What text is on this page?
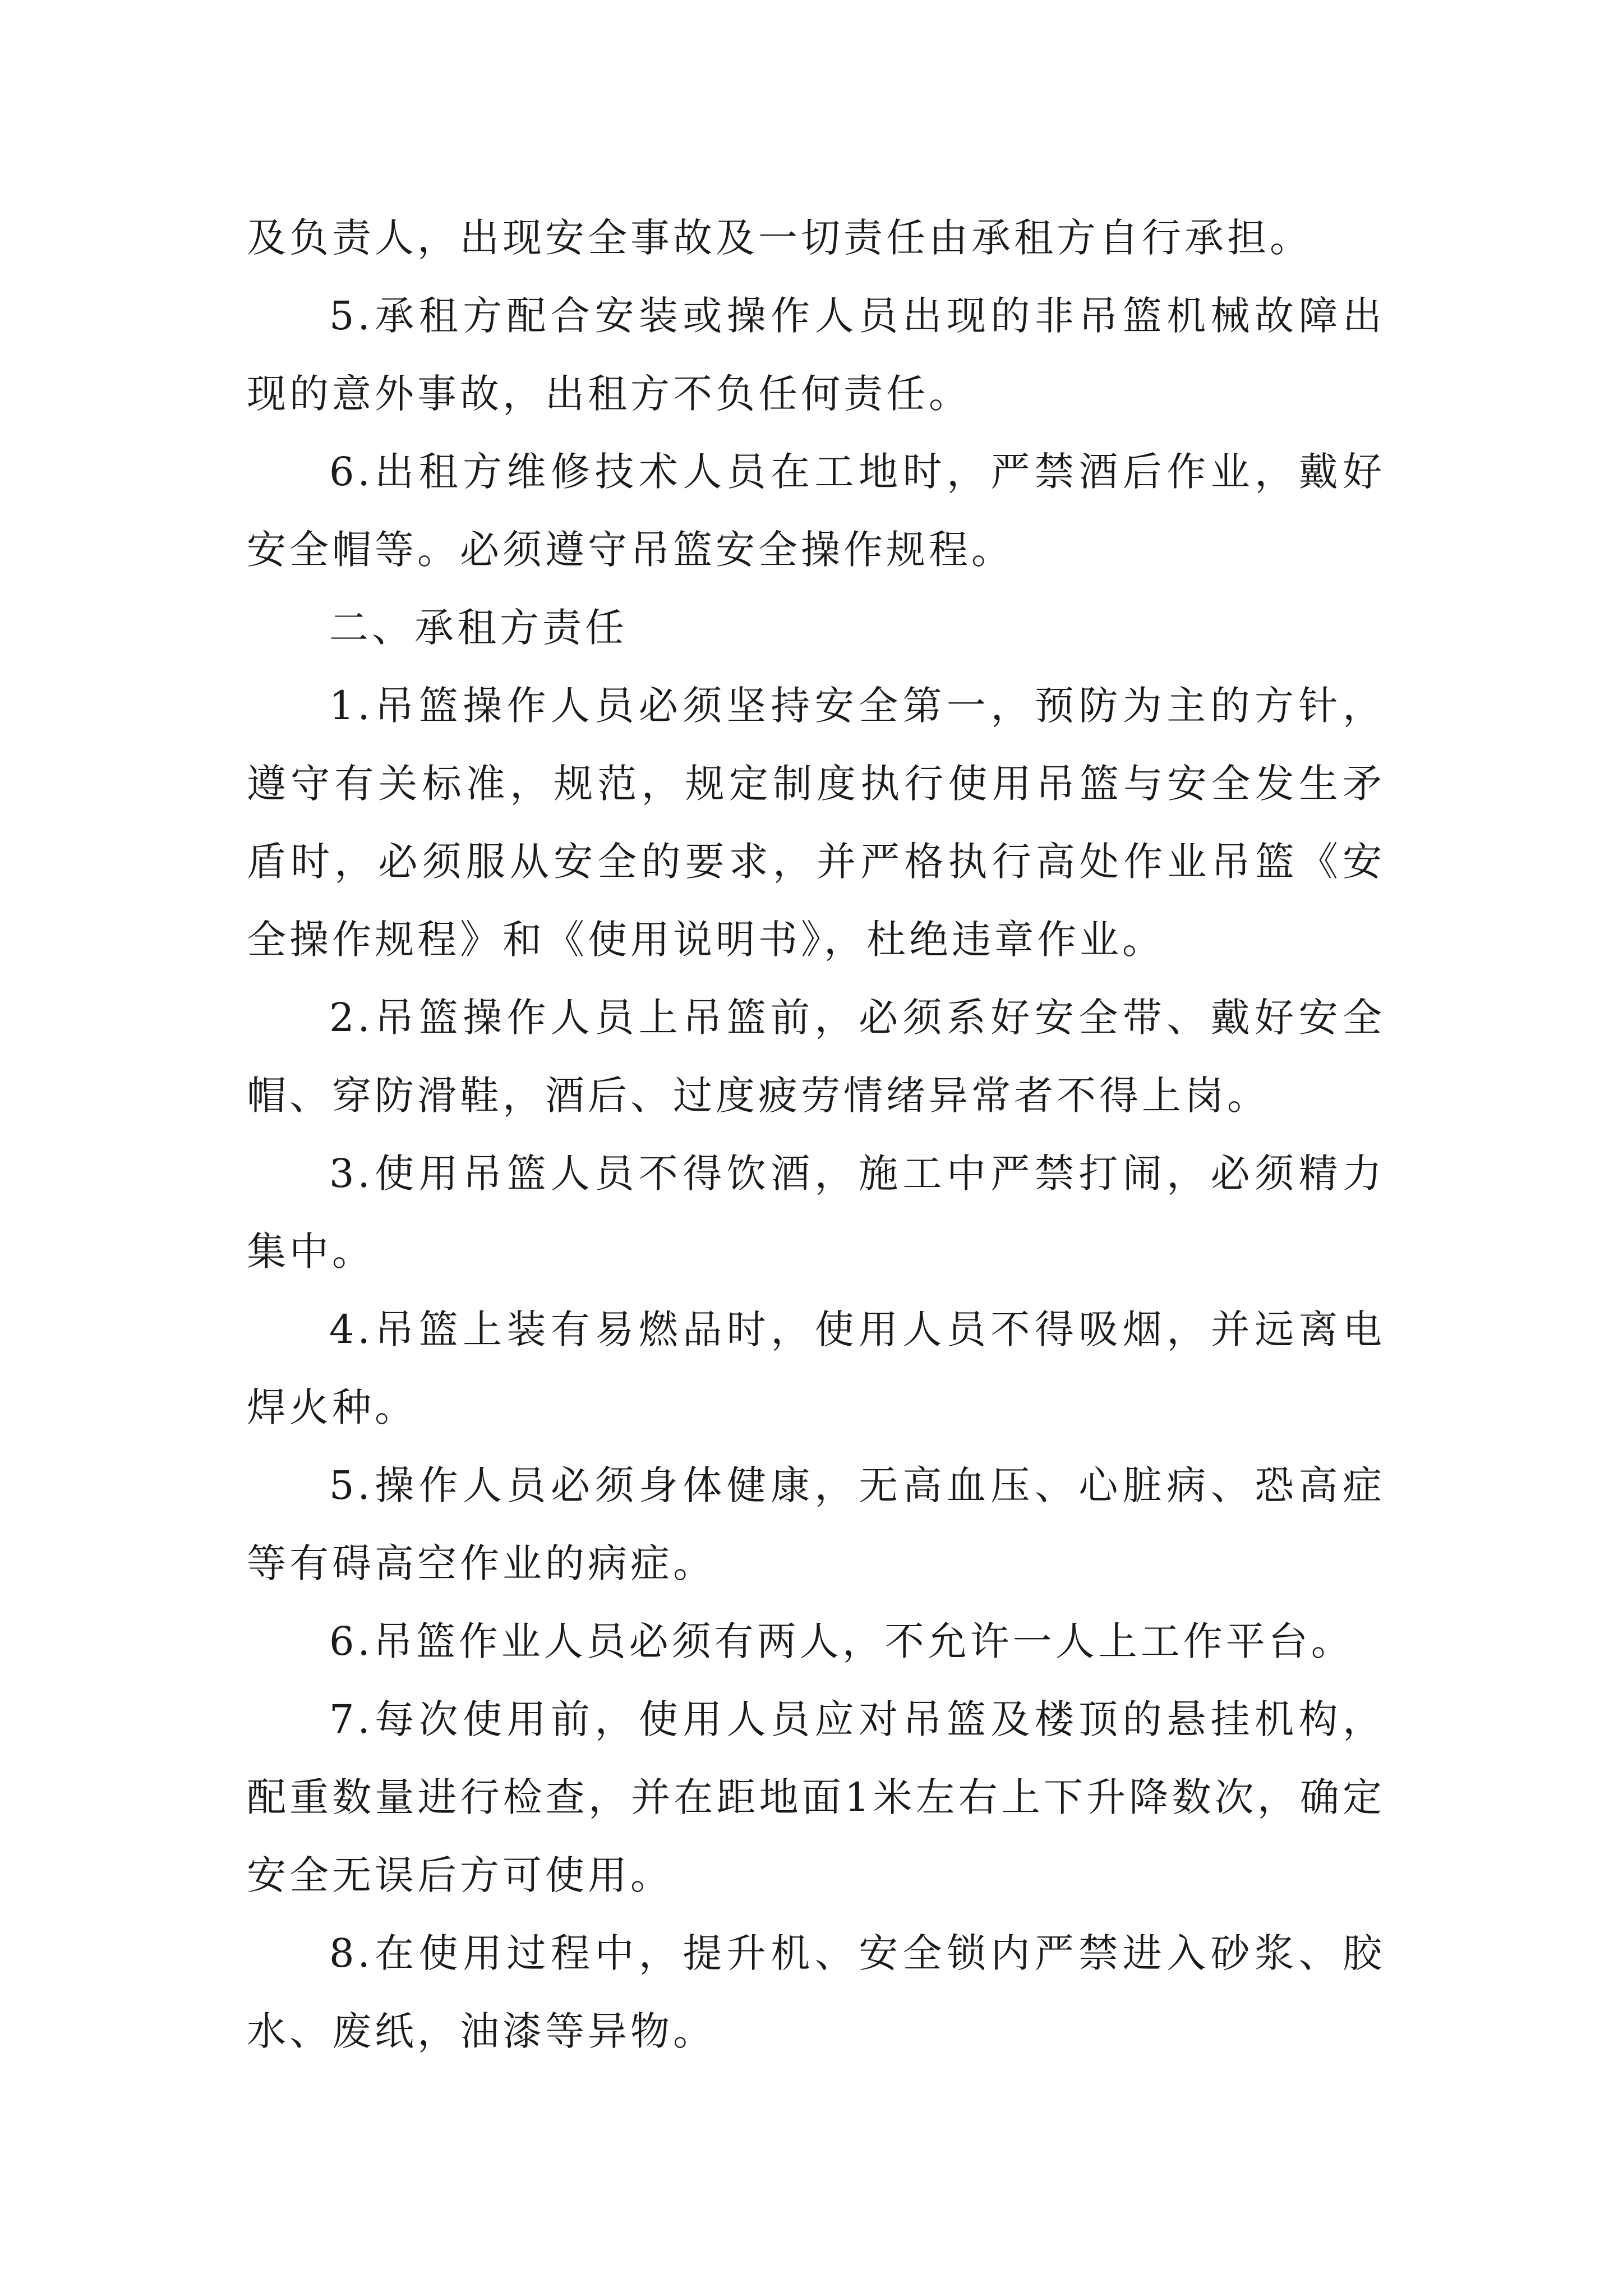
及负责人，出现安全事故及一切责任由承租方自行承担。

5.承租方配合安装或操作人员出现的非吊篮机械故障出现的意外事故，出租方不负任何责任。

6.出租方维修技术人员在工地时，严禁酒后作业，戴好安全帽等。必须遵守吊篮安全操作规程。

二、承租方责任

1.吊篮操作人员必须坚持安全第一，预防为主的方针，遵守有关标准，规范，规定制度执行使用吊篮与安全发生矛盾时，必须服从安全的要求，并严格执行高处作业吊篮《安全操作规程》和《使用说明书》，杜绝违章作业。

2.吊篮操作人员上吊篮前，必须系好安全带、戴好安全帽、穿防滑鞋，酒后、过度疲劳情绪异常者不得上岗。

3.使用吊篮人员不得饮酒，施工中严禁打闹，必须精力集中。

4.吊篮上装有易燃品时，使用人员不得吸烟，并远离电焊火种。

5.操作人员必须身体健康，无高血压、心脏病、恐高症等有碍高空作业的病症。

6.吊篮作业人员必须有两人，不允许一人上工作平台。

7.每次使用前，使用人员应对吊篮及楼顶的悬挂机构，配重数量进行检查，并在距地面1米左右上下升降数次，确定安全无误后方可使用。

8.在使用过程中，提升机、安全锁内严禁进入砂浆、胶水、废纸，油漆等异物。
